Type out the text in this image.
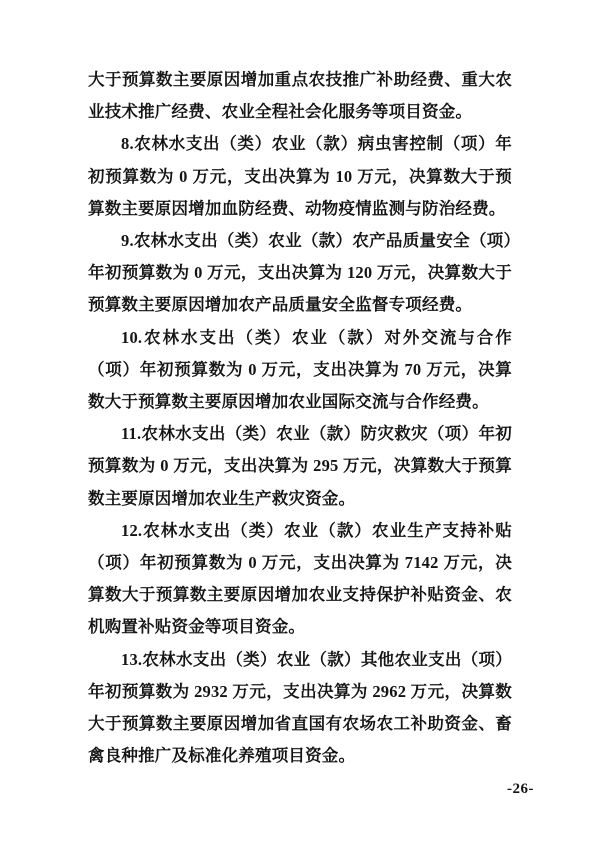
大于预算数主要原因增加重点农技推广补助经费、重大农业技术推广经费、农业全程社会化服务等项目资金。

8.农林水支出（类）农业（款）病虫害控制（项）年初预算数为 0 万元，支出决算为 10 万元，决算数大于预算数主要原因增加血防经费、动物疫情监测与防治经费。

9.农林水支出（类）农业（款）农产品质量安全（项）年初预算数为 0 万元，支出决算为 120 万元，决算数大于预算数主要原因增加农产品质量安全监督专项经费。

10.农林水支出（类）农业（款）对外交流与合作（项）年初预算数为 0 万元，支出决算为 70 万元，决算数大于预算数主要原因增加农业国际交流与合作经费。

11.农林水支出（类）农业（款）防灾救灾（项）年初预算数为 0 万元，支出决算为 295 万元，决算数大于预算数主要原因增加农业生产救灾资金。

12.农林水支出（类）农业（款）农业生产支持补贴（项）年初预算数为 0 万元，支出决算为 7142 万元，决算数大于预算数主要原因增加农业支持保护补贴资金、农机购置补贴资金等项目资金。

13.农林水支出（类）农业（款）其他农业支出（项）年初预算数为 2932 万元，支出决算为 2962 万元，决算数大于预算数主要原因增加省直国有农场农工补助资金、畜禽良种推广及标准化养殖项目资金。

-26-
